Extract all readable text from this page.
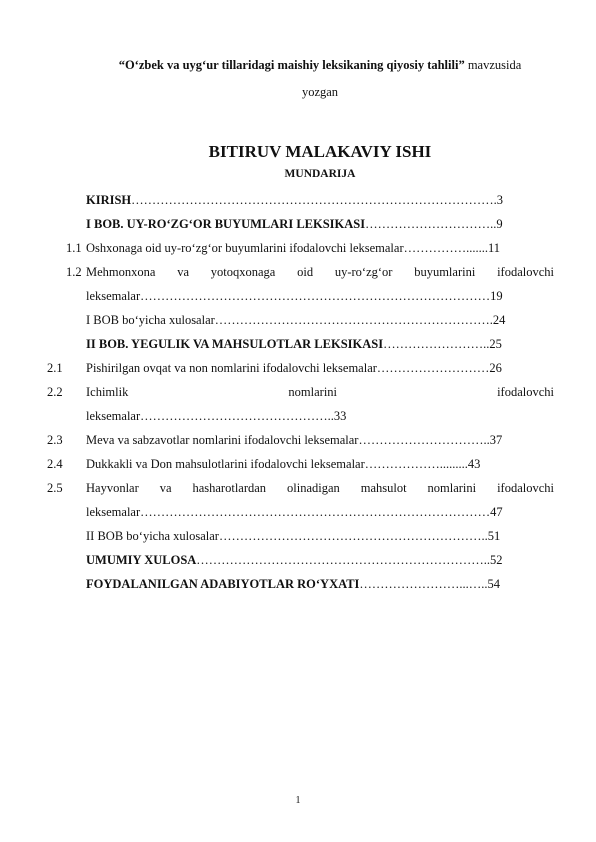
“O‘zbek va uyg‘ur tillaridagi maishiy leksikaning qiyosiy tahlili” mavzusida
yozgan
BITIRUV MALAKAVIY ISHI
MUNDARIJA
KIRISH…………………………………………………………………………….3
I BOB. UY-RO‘ZG‘OR BUYUMLARI LEKSIKASI…………………………..9
1.1 Oshxonaga oid uy-ro‘zg‘or buyumlarini ifodalovchi leksemalar…………….......11
1.2 Mehmonxona va yotoqxonaga oid uy-ro‘zg‘or buyumlarini ifodalovchi
leksemalar…………………………………………………………………………19
I BOB bo‘yicha xulosalar………………………………………………………….24
II BOB. YEGULIK VA MAHSULOTLAR LEKSIKASI……………………..25
2.1 Pishirilgan ovqat va non nomlarini ifodalovchi leksemalar………………………26
2.2 Ichimlik nomlarini ifodalovchi
leksemalar………………………………………..33
2.3 Meva va sabzavotlar nomlarini ifodalovchi leksemalar…………………………..37
2.4 Dukkakli va Don mahsulotlarini ifodalovchi leksemalar……………….........43
2.5 Hayvonlar va hasharotlardan olinadigan mahsulot nomlarini ifodalovchi
leksemalar…………………………………………………………………………47
II BOB bo‘yicha xulosalar………………………………………………………..51
UMUMIY XULOSA……………………………………………………………..52
FOYDALANILGAN ADABIYOTLAR RO‘YXATI……………………...…..54
1
